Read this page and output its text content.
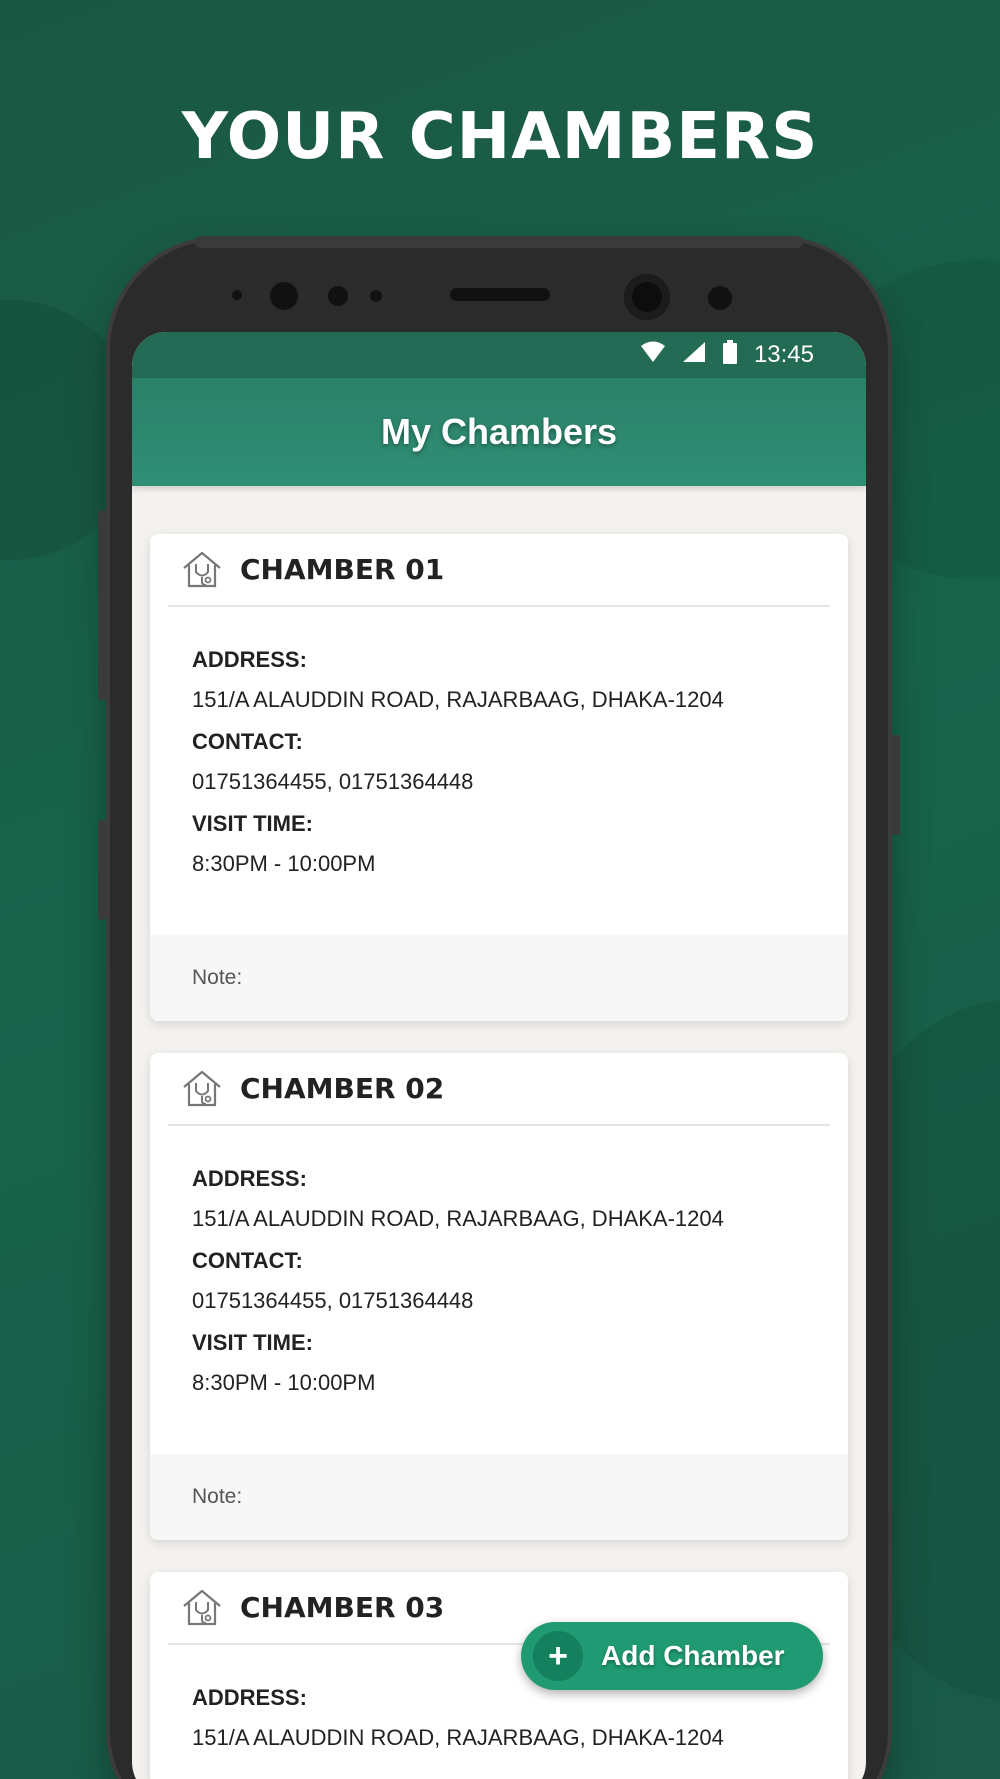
YOUR CHAMBERS
13:45
My Chambers
CHAMBER 01
ADDRESS:
151/A ALAUDDIN ROAD, RAJARBAAG, DHAKA-1204
CONTACT:
01751364455, 01751364448
VISIT TIME:
8:30PM - 10:00PM
Note:
CHAMBER 02
ADDRESS:
151/A ALAUDDIN ROAD, RAJARBAAG, DHAKA-1204
CONTACT:
01751364455, 01751364448
VISIT TIME:
8:30PM - 10:00PM
Note:
CHAMBER 03
ADDRESS:
151/A ALAUDDIN ROAD, RAJARBAAG, DHAKA-1204
+	Add Chamber
